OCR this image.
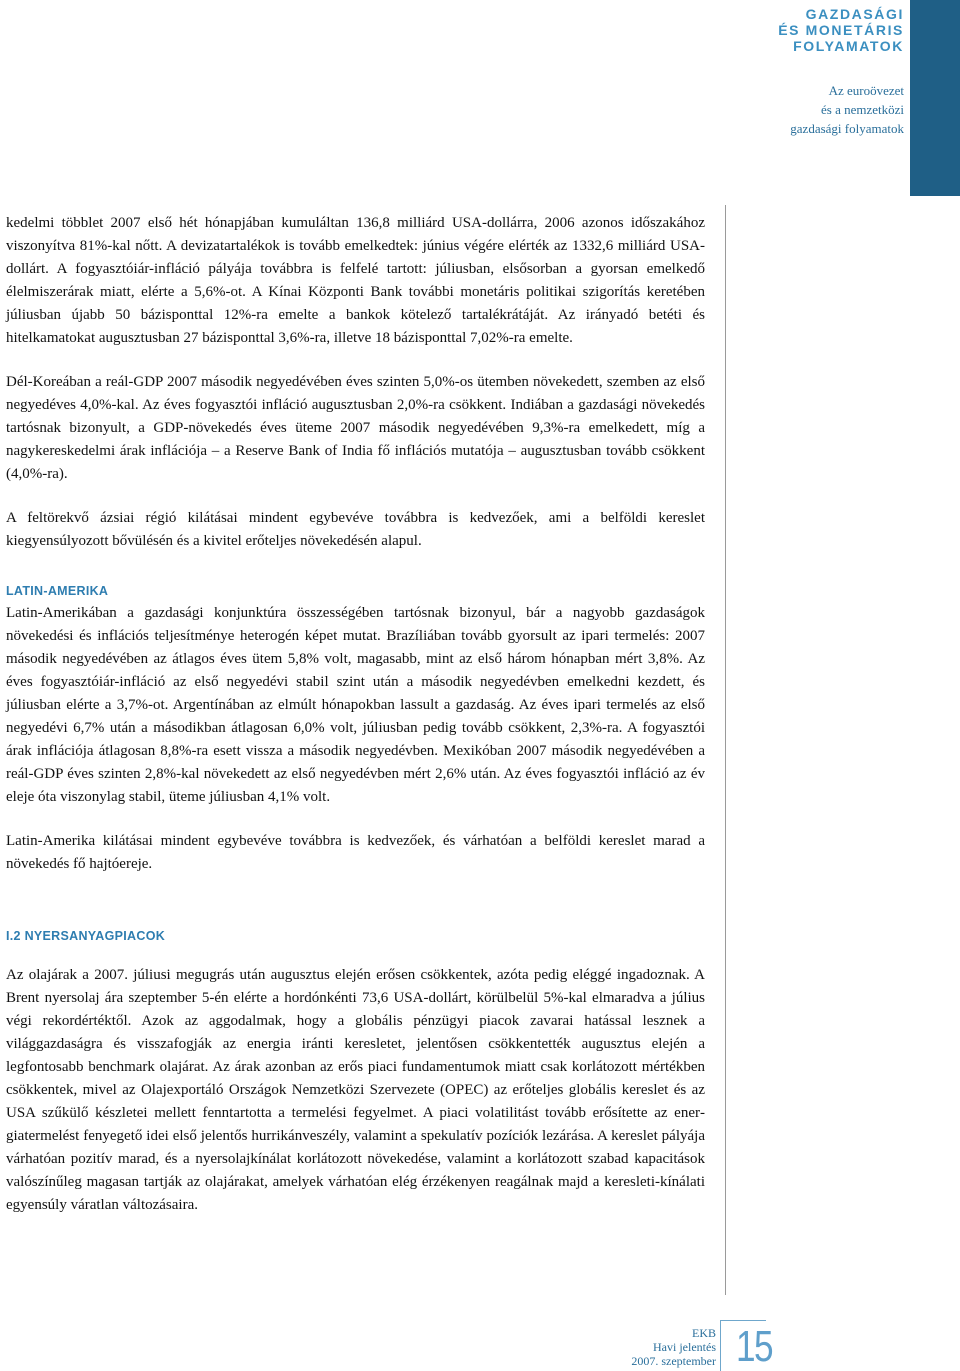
GAZDASÁGI
ÉS MONETÁRIS
FOLYAMATOK
Az euroövezet
és a nemzetközi
gazdasági folyamatok

kedelmi többlet 2007 első hét hónapjában kumuláltan 136,8 milliárd USA-dollárra, 2006 azonos időszakához viszonyítva 81%-kal nőtt. A devizatartalékok is tovább emelkedtek: június végére elérték az 1332,6 milliárd USA-dollárt. A fogyasztóiár-infláció pályája továbbra is felfelé tartott: júliusban, elsősorban a gyorsan emelkedő élelmiszerárak miatt, elérte a 5,6%-ot. A Kínai Központi Bank további monetáris politikai szigorítás keretében júliusban újabb 50 bázisponttal 12%-ra emelte a bankok kötelező tartalékrátáját. Az irányadó betéti és hitelkamatokat augusztusban 27 bázisponttal 3,6%-ra, illetve 18 bázisponttal 7,02%-ra emelte.

Dél-Koreában a reál-GDP 2007 második negyedévében éves szinten 5,0%-os ütemben növekedett, szemben az első negyedéves 4,0%-kal. Az éves fogyasztói infláció augusztusban 2,0%-ra csökkent. Indiában a gazdasági növekedés tartósnak bizonyult, a GDP-növekedés éves üteme 2007 második negyedévében 9,3%-ra emelkedett, míg a nagykereskedelmi árak inflációja – a Reserve Bank of India fő inflációs mutatója – augusztusban tovább csökkent (4,0%-ra).

A feltörekvő ázsiai régió kilátásai mindent egybevéve továbbra is kedvezőek, ami a belföldi kereslet kiegyensúlyozott bővülésén és a kivitel erőteljes növekedésén alapul.

LATIN-AMERIKA

Latin-Amerikában a gazdasági konjunktúra összességében tartósnak bizonyul, bár a nagyobb gazdaságok növekedési és inflációs teljesítménye heterogén képet mutat. Brazíliában tovább gyorsult az ipari termelés: 2007 második negyedévében az átlagos éves ütem 5,8% volt, magasabb, mint az első három hónapban mért 3,8%. Az éves fogyasztóiár-infláció az első negyedévi stabil szint után a második negyedévben emelkedni kezdett, és júliusban elérte a 3,7%-ot. Argentínában az elmúlt hónapokban lassult a gazdaság. Az éves ipari termelés az első negyedévi 6,7% után a másodikban átlagosan 6,0% volt, júliusban pedig tovább csökkent, 2,3%-ra. A fogyasztói árak inflációja átlagosan 8,8%-ra esett vissza a második negyedévben. Mexikóban 2007 második negyedévében a reál-GDP éves szinten 2,8%-kal növekedett az első negyedévben mért 2,6% után. Az éves fogyasztói infláció az év eleje óta viszonylag stabil, üteme júliusban 4,1% volt.

Latin-Amerika kilátásai mindent egybevéve továbbra is kedvezőek, és várhatóan a belföldi kereslet marad a növekedés fő hajtóereje.

I.2 NYERSANYAGPIACOK

Az olajárak a 2007. júliusi megugrás után augusztus elején erősen csökkentek, azóta pedig eléggé ingadoznak. A Brent nyersolaj ára szeptember 5-én elérte a hordónkénti 73,6 USA-dollárt, körülbelül 5%-kal elmaradva a július végi rekordértéktől. Azok az aggodalmak, hogy a globális pénzügyi piacok zavarai hatással lesznek a világgazdaságra és visszafogják az energia iránti keresletet, jelentősen csökkentették augusztus elején a legfontosabb benchmark olajárat. Az árak azonban az erős piaci fundamentumok miatt csak korlátozott mértékben csökkentek, mivel az Olajexportáló Országok Nemzetközi Szervezete (OPEC) az erőteljes globális kereslet és az USA szűkülő készletei mellett fenntartotta a termelési fegyelmet. A piaci volatilitást tovább erősítette az energiatermelést fenyegető idei első jelentős hurrikánveszély, valamint a spekulatív pozíciók lezárása. A kereslet pályája várhatóan pozitív marad, és a nyersolajkínálat korlátozott növekedése, valamint a korlátozott szabad kapacitások valószínűleg magasan tartják az olajárakat, amelyek várhatóan elég érzékenyen reagálnak majd a keresleti-kínálati egyensúly váratlan változásaira.

EKB
Havi jelentés
2007. szeptember 15
